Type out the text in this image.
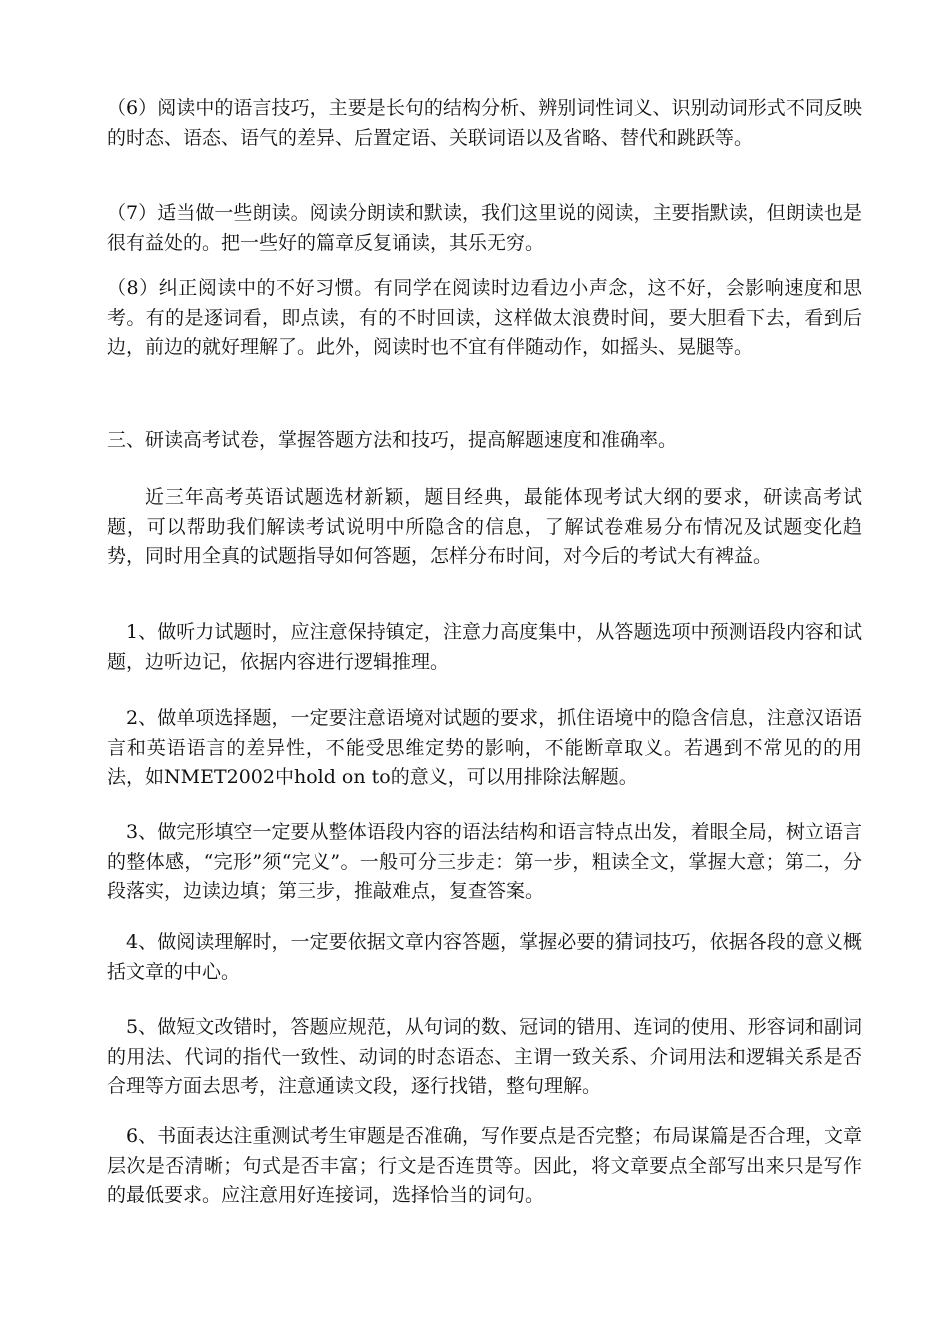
（6）阅读中的语言技巧，主要是长句的结构分析、辨别词性词义、识别动词形式不同反映的时态、语态、语气的差异、后置定语、关联词语以及省略、替代和跳跃等。

（7）适当做一些朗读。阅读分朗读和默读，我们这里说的阅读，主要指默读，但朗读也是很有益处的。把一些好的篇章反复诵读，其乐无穷。

（8）纠正阅读中的不好习惯。有同学在阅读时边看边小声念，这不好，会影响速度和思考。有的是逐词看，即点读，有的不时回读，这样做太浪费时间，要大胆看下去，看到后边，前边的就好理解了。此外，阅读时也不宜有伴随动作，如摇头、晃腿等。

三、研读高考试卷，掌握答题方法和技巧，提高解题速度和准确率。

近三年高考英语试题选材新颖，题目经典，最能体现考试大纲的要求，研读高考试题，可以帮助我们解读考试说明中所隐含的信息，了解试卷难易分布情况及试题变化趋势，同时用全真的试题指导如何答题，怎样分布时间，对今后的考试大有裨益。

1、做听力试题时，应注意保持镇定，注意力高度集中，从答题选项中预测语段内容和试题，边听边记，依据内容进行逻辑推理。

2、做单项选择题，一定要注意语境对试题的要求，抓住语境中的隐含信息，注意汉语语言和英语语言的差异性，不能受思维定势的影响，不能断章取义。若遇到不常见的的用法，如NMET2002中hold on to的意义，可以用排除法解题。

3、做完形填空一定要从整体语段内容的语法结构和语言特点出发，着眼全局，树立语言的整体感，“完形”须“完义”。一般可分三步走：第一步，粗读全文，掌握大意；第二，分段落实，边读边填；第三步，推敲难点，复查答案。

4、做阅读理解时，一定要依据文章内容答题，掌握必要的猜词技巧，依据各段的意义概括文章的中心。

5、做短文改错时，答题应规范，从句词的数、冠词的错用、连词的使用、形容词和副词的用法、代词的指代一致性、动词的时态语态、主谓一致关系、介词用法和逻辑关系是否合理等方面去思考，注意通读文段，逐行找错，整句理解。

6、书面表达注重测试考生审题是否准确，写作要点是否完整；布局谋篇是否合理，文章层次是否清晰；句式是否丰富；行文是否连贯等。因此，将文章要点全部写出来只是写作的最低要求。应注意用好连接词，选择恰当的词句。
